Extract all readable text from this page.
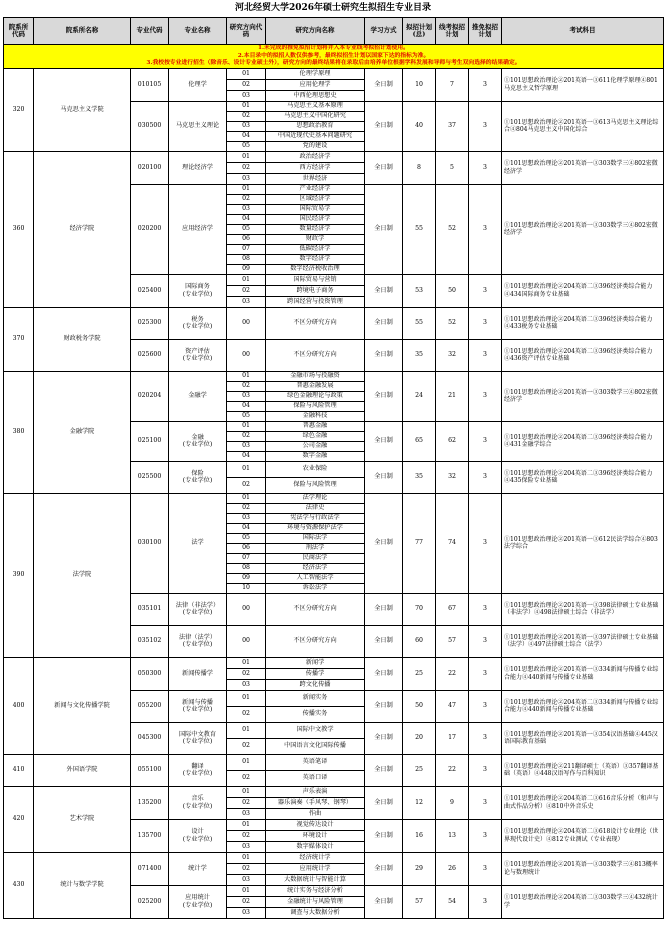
河北经贸大学2026年硕士研究生拟招生专业目录
院系所代码	院系所名称	专业代码	专业名称	研究方向代码	研究方向名称	学习方式	拟招计划(总)	线考拟招计划	推免拟招计划	考试科目

1.未完成的推免拟招计划将并入本专业线考拟招计划使用。
2.本目录中的拟招人数仅供参考，最终拟招生计划以国家下达的指标为准。
3.我校按专业进行招生（除音乐、设计专业硕士外），研究方向的最终结果将在录取后由培养单位根据学科发展和导师与考生双向选择的结果确定。										

320	马克思主义学院	010105	伦理学	01	伦理学原理	全日制	10	7	3	①101思想政治理论②201英语一③611伦理学原理④801马克思主义哲学原理
				02	应用伦理学					
				03	中西伦理思想史					
		030500	马克思主义理论	01	马克思主义基本原理	全日制	40	37	3	①101思想政治理论②201英语一③613马克思主义理论综合④804马克思主义中国化综合
				02	马克思主义中国化研究					
				03	思想政治教育					
				04	中国近现代史基本问题研究					
				05	党的建设					
360	经济学院	020100	理论经济学	01	政治经济学	全日制	8	5	3	①101思想政治理论②201英语一③303数学三④802宏微经济学
				02	西方经济学					
				03	世界经济					
		020200	应用经济学	01	产业经济学	全日制	55	52	3	①101思想政治理论②201英语一③303数学三④802宏微经济学
				02	区域经济学					
				03	国际贸易学					
				04	国民经济学					
				05	数量经济学					
				06	财政学					
				07	低碳经济学					
				08	数字经济学					
				09	数字经济税收治理					
		025400	国际商务
(专业学位)	01	国际贸易与营销	全日制	53	50	3	①101思想政治理论②204英语二③396经济类综合能力④434国际商务专业基础
				02	跨境电子商务					
				03	跨国经营与投资管理					
370	财政税务学院	025300	税务
(专业学位)	00	不区分研究方向	全日制	55	52	3	①101思想政治理论②204英语二③396经济类综合能力④433税务专业基础
		025600	资产评估
(专业学位)	00	不区分研究方向	全日制	35	32	3	①101思想政治理论②204英语二③396经济类综合能力④436资产评估专业基础
380	金融学院	020204	金融学	01	金融市场与投融资	全日制	24	21	3	①101思想政治理论②201英语一③303数学三④802宏微经济学
				02	普惠金融发展					
				03	绿色金融理论与政策					
				04	保险与风险管理					
				05	金融科技					
		025100	金融
(专业学位)	01	普惠金融	全日制	65	62	3	①101思想政治理论②204英语二③396经济类综合能力④431金融学综合
				02	绿色金融					
				03	公司金融					
				04	数字金融					
		025500	保险
(专业学位)	01	农业保险	全日制	35	32	3	①101思想政治理论②204英语二③396经济类综合能力④435保险专业基础
				02	保险与风险管理					
390	法学院	030100	法学	01	法学理论	全日制	77	74	3	①101思想政治理论②201英语一③612民法学综合④803法学综合
				02	法律史					
				03	宪法学与行政法学					
				04	环境与资源保护法学					
				05	国际法学					
				06	刑法学					
				07	民商法学					
				08	经济法学					
				09	人工智能法学					
				10	诉讼法学					
		035101	法律（非法学）
(专业学位)	00	不区分研究方向	全日制	70	67	3	①101思想政治理论②201英语一③398法律硕士专业基础（非法学）④498法律硕士综合（非法学）
		035102	法律（法学）
(专业学位)	00	不区分研究方向	全日制	60	57	3	①101思想政治理论②201英语一③397法律硕士专业基础（法学）④497法律硕士综合（法学）
400	新闻与文化传播学院	050300	新闻传播学	01	新闻学	全日制	25	22	3	①101思想政治理论②201英语一③334新闻与传播专业综合能力④440新闻与传播专业基础
				02	传播学					
				03	跨文化传播					
		055200	新闻与传播
(专业学位)	01	新闻实务	全日制	50	47	3	①101思想政治理论②204英语二③334新闻与传播专业综合能力④440新闻与传播专业基础
				02	传播实务					
		045300	国际中文教育
(专业学位)	01	国际中文教学	全日制	20	17	3	①101思想政治理论②201英语一③354汉语基础④445汉语国际教育基础
				02	中国语言文化国际传播					
410	外国语学院	055100	翻译
(专业学位)	01	英语笔译	全日制	25	22	3	①101思想政治理论②211翻译硕士（英语）③357翻译基础（英语）④448汉语写作与百科知识
				02	英语口译					
420	艺术学院	135200	音乐
(专业学位)	01	声乐表演	全日制	12	9	3	①101思想政治理论②204英语二③616音乐分析（和声与曲式作品分析）④810中外音乐史
				02	器乐演奏（手风琴、钢琴）					
				03	作曲					
		135700	设计
(专业学位)	01	视觉传达设计	全日制	16	13	3	①101思想政治理论②204英语二③618设计专业理论（世界现代设计史）④812专业测试（专业表现）
				02	环境设计					
				03	数字媒体设计					
430	统计与数学学院	071400	统计学	01	经济统计学	全日制	29	26	3	①101思想政治理论②201英语一③303数学三④813概率论与数理统计
				02	应用统计学					
				03	大数据统计与智能计算					
		025200	应用统计
(专业学位)	01	统计实务与经济分析	全日制	57	54	3	①101思想政治理论②204英语二③303数学三④432统计学
				02	金融统计与风险管理					
				03	调查与大数据分析					
